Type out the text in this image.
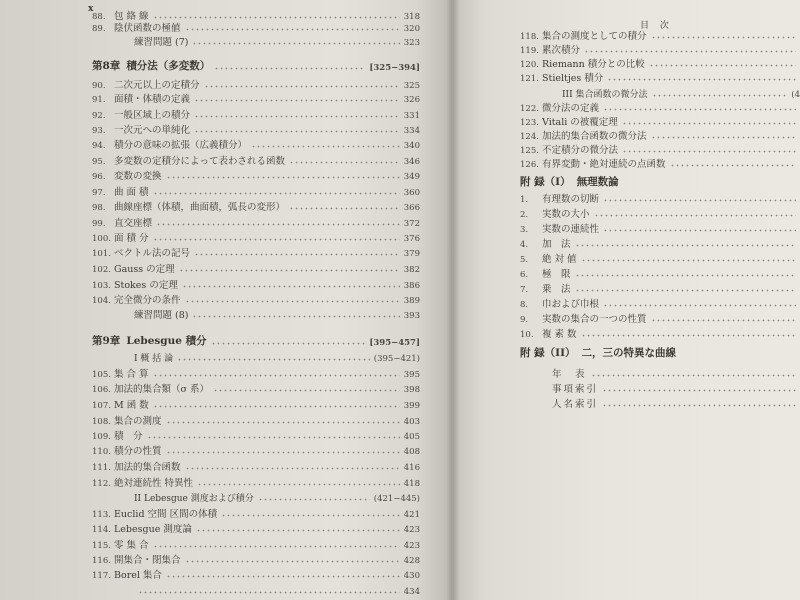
x
目 次
88. 包 絡 線	318
89. 陰伏函数の極値	320
練習問題 (7)	323
第8章 積分法（多変数）	[325−394]
90. 二次元以上の定積分	325
91. 面積・体積の定義	326
92. 一般区域上の積分	331
93. 一次元への単純化	334
94. 積分の意味の拡張（広義積分）	340
95. 多変数の定積分によって表わされる函数	346
96. 変数の変換	349
97. 曲 面 積	360
98. 曲線座標（体積，曲面積，弧長の変形）	366
99. 直交座標	372
100. 面 積 分	376
101. ベクトル法の記号	379
102. Gauss の定理	382
103. Stokes の定理	386
104. 完全微分の条件	389
練習問題 (8)	393
第9章 Lebesgue 積分	[395−457]
I 概 括 論	(395−421)
105. 集 合 算	395
106. 加法的集合類（σ 系）	398
107. M 函 数	399
108. 集合の測度	403
109. 積　分	405
110. 積分の性質	408
111. 加法的集合函数	416
112. 絶対連続性 特異性	418
II Lebesgue 測度および積分	(421−445)
113. Euclid 空間 区間の体積	421
114. Lebesgue 測度論	423
115. 零 集 合	423
116. 開集合・閉集合	428
117. Borel 集合	430
434
118. 集合の測度としての積分
119. 累次積分
120. Riemann 積分との比較
121. Stieltjes 積分
III 集合函数の微分法	(4
122. 微分法の定義
123. Vitali の被覆定理
124. 加法的集合函数の微分法
125. 不定積分の微分法
126. 有界変動・絶対連続の点函数
附 録（I） 無理数論
1.	有理数の切断
2.	実数の大小
3.	実数の連続性
4.	加　法
5.	絶 対 値
6.	極　限
7.	乗　法
8.	巾および巾根
9.	実数の集合の一つの性質
10. 複 素 数
附 録（II） 二，三の特異な曲線
年　表
事項索引
人名索引
